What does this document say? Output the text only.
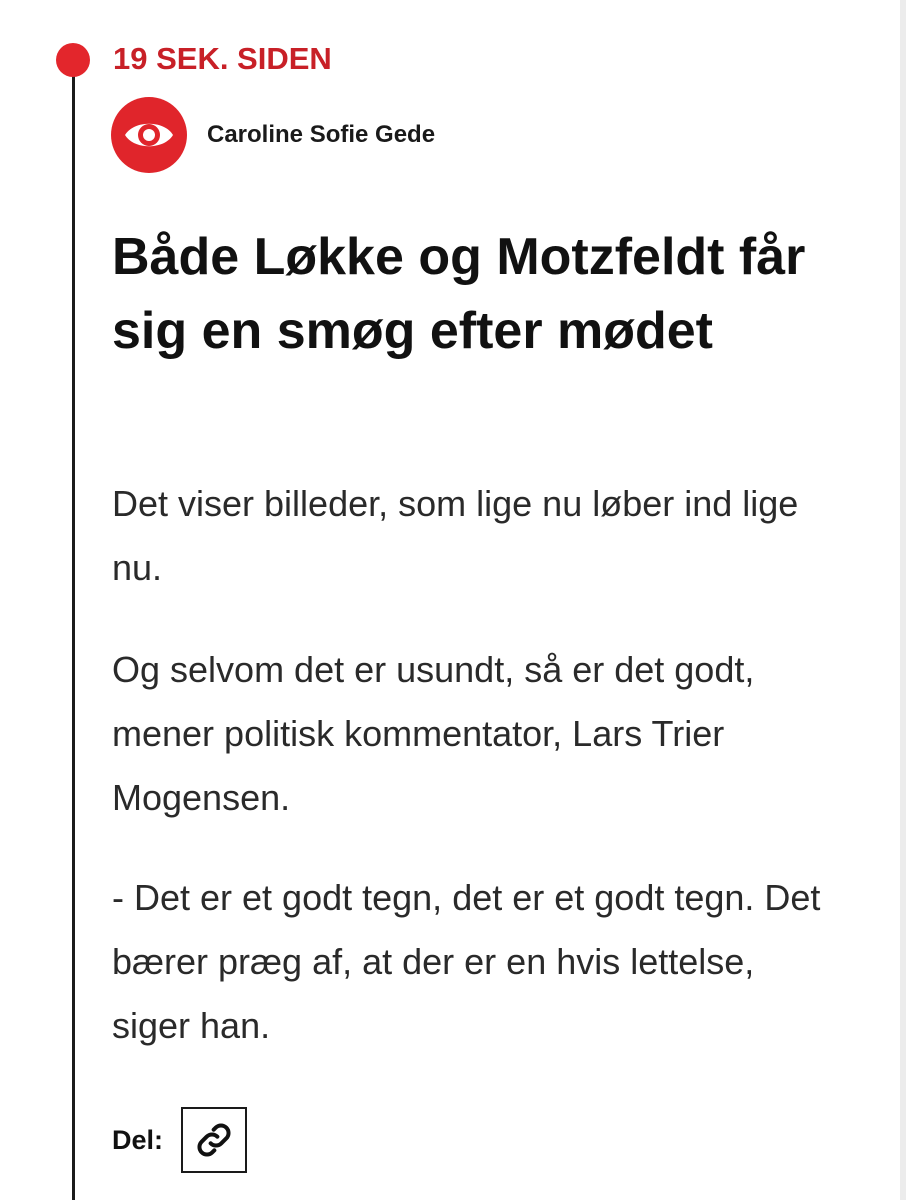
19 SEK. SIDEN
Caroline Sofie Gede
Både Løkke og Motzfeldt får sig en smøg efter mødet

Det viser billeder, som lige nu løber ind lige nu.

Og selvom det er usundt, så er det godt, mener politisk kommentator, Lars Trier Mogensen.

- Det er et godt tegn, det er et godt tegn. Det bærer præg af, at der er en hvis lettelse, siger han.

Del:
